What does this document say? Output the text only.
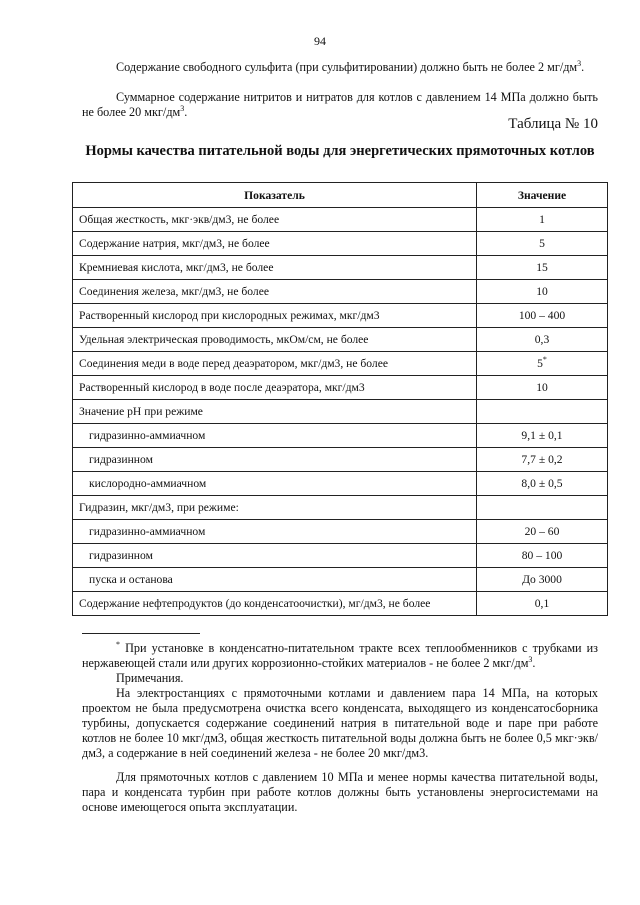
94

Содержание свободного сульфита (при сульфитировании) должно быть не более 2 $мг/дм^3$.

Суммарное содержание нитритов и нитратов для котлов с давлением 14 МПа должно быть не более 20 мкг/$дм^3$.

Таблица № 10
Нормы качества питательной воды для энергетических прямоточных котлов
Показатель	Значение
Общая жесткость, мкг·экв/дм3, не более	1
Содержание натрия, мкг/дм3, не более	5
Кремниевая кислота, мкг/дм3, не более	15
Соединения железа, мкг/дм3, не более	10
Растворенный кислород при кислородных режимах, мкг/дм3	100 – 400
Удельная электрическая проводимость, мкОм/см, не более	0,3
Соединения меди в воде перед деаэратором, мкг/дм3, не более	5*
Растворенный кислород в воде после деаэратора, мкг/дм3	10
Значение pH при режиме	
гидразинно-аммиачном	9,1 ± 0,1
гидразинном	7,7 ± 0,2
кислородно-аммиачном	8,0 ± 0,5
Гидразин, мкг/дм3, при режиме:	
гидразинно-аммиачном	20 – 60
гидразинном	80 – 100
пуска и останова	До 3000
Содержание нефтепродуктов (до конденсатоочистки), мг/дм3, не более	0,1

* При установке в конденсатно-питательном тракте всех теплообменников с трубками из нержавеющей стали или других коррозионно-стойких материалов - не более 2 мкг/$дм^3$.

Примечания.

На электростанциях с прямоточными котлами и давлением пара 14 МПа, на которых проектом не была предусмотрена очистка всего конденсата, выходящего из конденсатосборника турбины, допускается содержание соединений натрия в питательной воде и паре при работе котлов не более 10 мкг/дм3, общая жесткость питательной воды должна быть не более 0,5 мкг·экв/дм3, а содержание в ней соединений железа - не более 20 мкг/дм3.

Для прямоточных котлов с давлением 10 МПа и менее нормы качества питательной воды, пара и конденсата турбин при работе котлов должны быть установлены энергосистемами на основе имеющегося опыта эксплуатации.
